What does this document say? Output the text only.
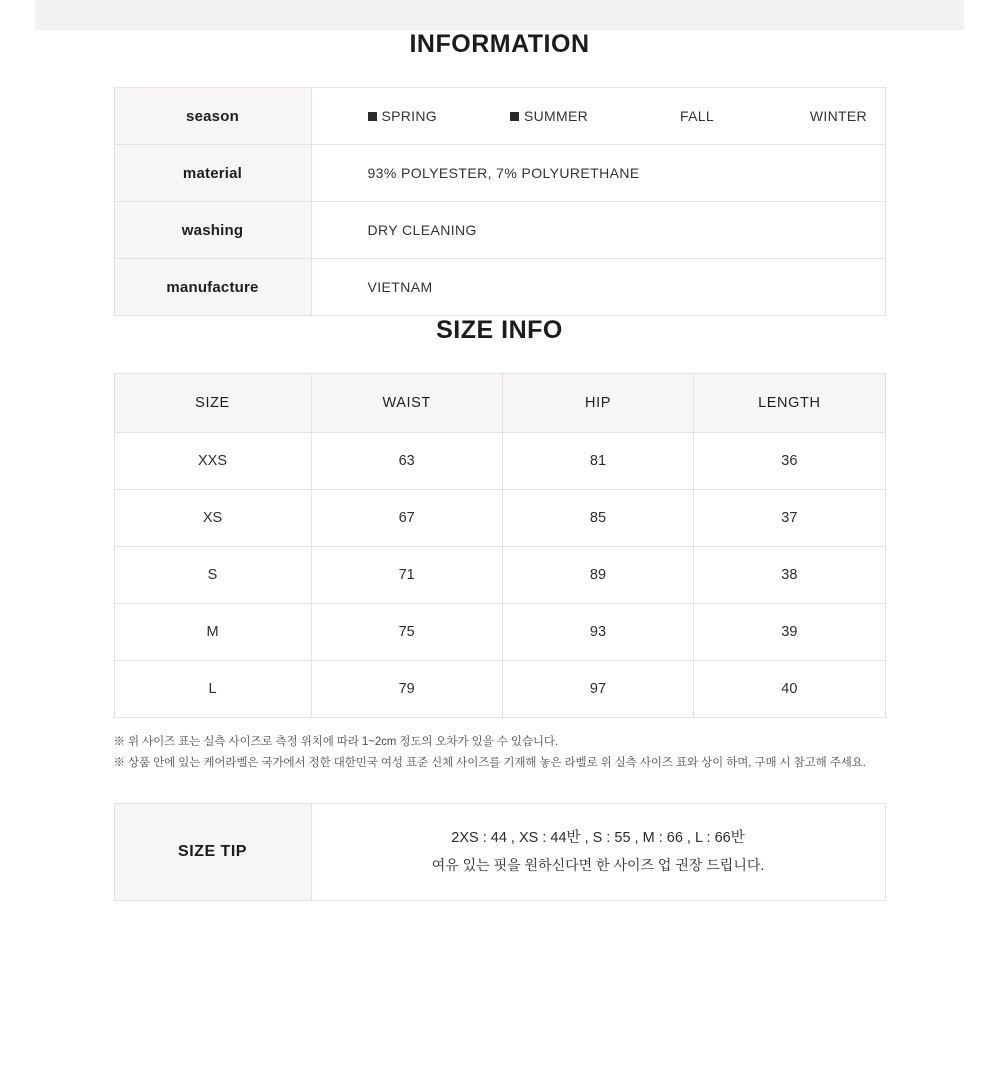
INFORMATION
season	SPRING SUMMER FALL WINTER

material	93% POLYESTER, 7% POLYURETHANE
washing	DRY CLEANING
manufacture	VIETNAM
SIZE INFO
SIZE	WAIST	HIP	LENGTH
XXS	63	81	36
XS	67	85	37
S	71	89	38
M	75	93	39
L	79	97	40
※ 위 사이즈 표는 실측 사이즈로 측정 위치에 따라 1~2cm 정도의 오차가 있을 수 있습니다.
※ 상품 안에 있는 케어라벨은 국가에서 정한 대한민국 여성 표준 신체 사이즈를 기재해 놓은 라벨로 위 실측 사이즈 표와 상이 하며, 구매 시 참고해 주세요.
SIZE TIP	
2XS : 44 , XS : 44반 , S : 55 , M : 66 , L : 66반
여유 있는 핏을 원하신다면 한 사이즈 업 권장 드립니다.
